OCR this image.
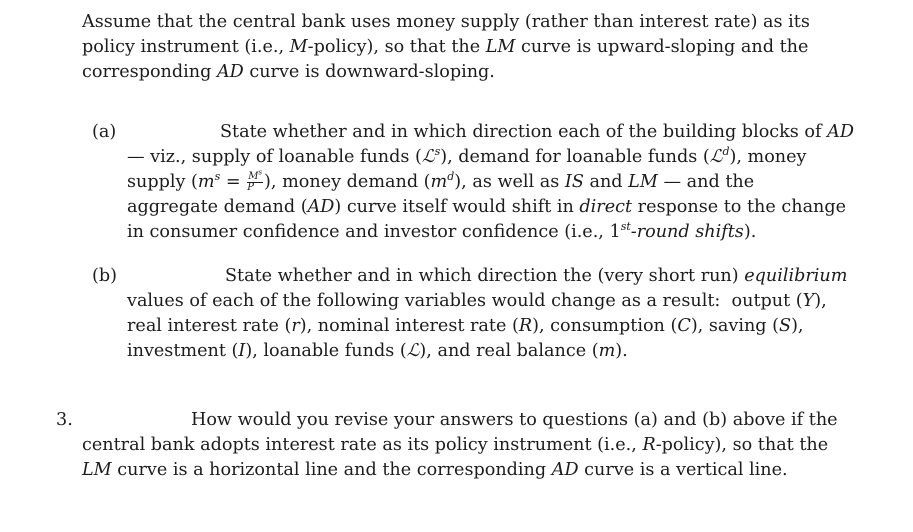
Assume that the central bank uses money supply (rather than interest rate) as its
policy instrument (i.e., M-policy), so that the LM curve is upward-sloping and the
corresponding AD curve is downward-sloping.
(a)	State whether and in which direction each of the building blocks of AD
— viz., supply of loanable funds (ℒ$^s$), demand for loanable funds (ℒ$^d$), money
supply ($m^s = \frac{M^s}{P}$ ), money demand $(m^d)$, as well as IS and LM — and the
aggregate demand (AD) curve itself would shift in direct response to the change
in consumer confidence and investor confidence (i.e., 1st-round shifts).
(b)	State whether and in which direction the (very short run) equilibrium
values of each of the following variables would change as a result:  output (Y),
real interest rate (r), nominal interest rate (R), consumption (C), saving (S),
investment (I), loanable funds (ℒ), and real balance (m).
3.	How would you revise your answers to questions (a) and (b) above if the
central bank adopts interest rate as its policy instrument (i.e., R-policy), so that the
LM curve is a horizontal line and the corresponding AD curve is a vertical line.
